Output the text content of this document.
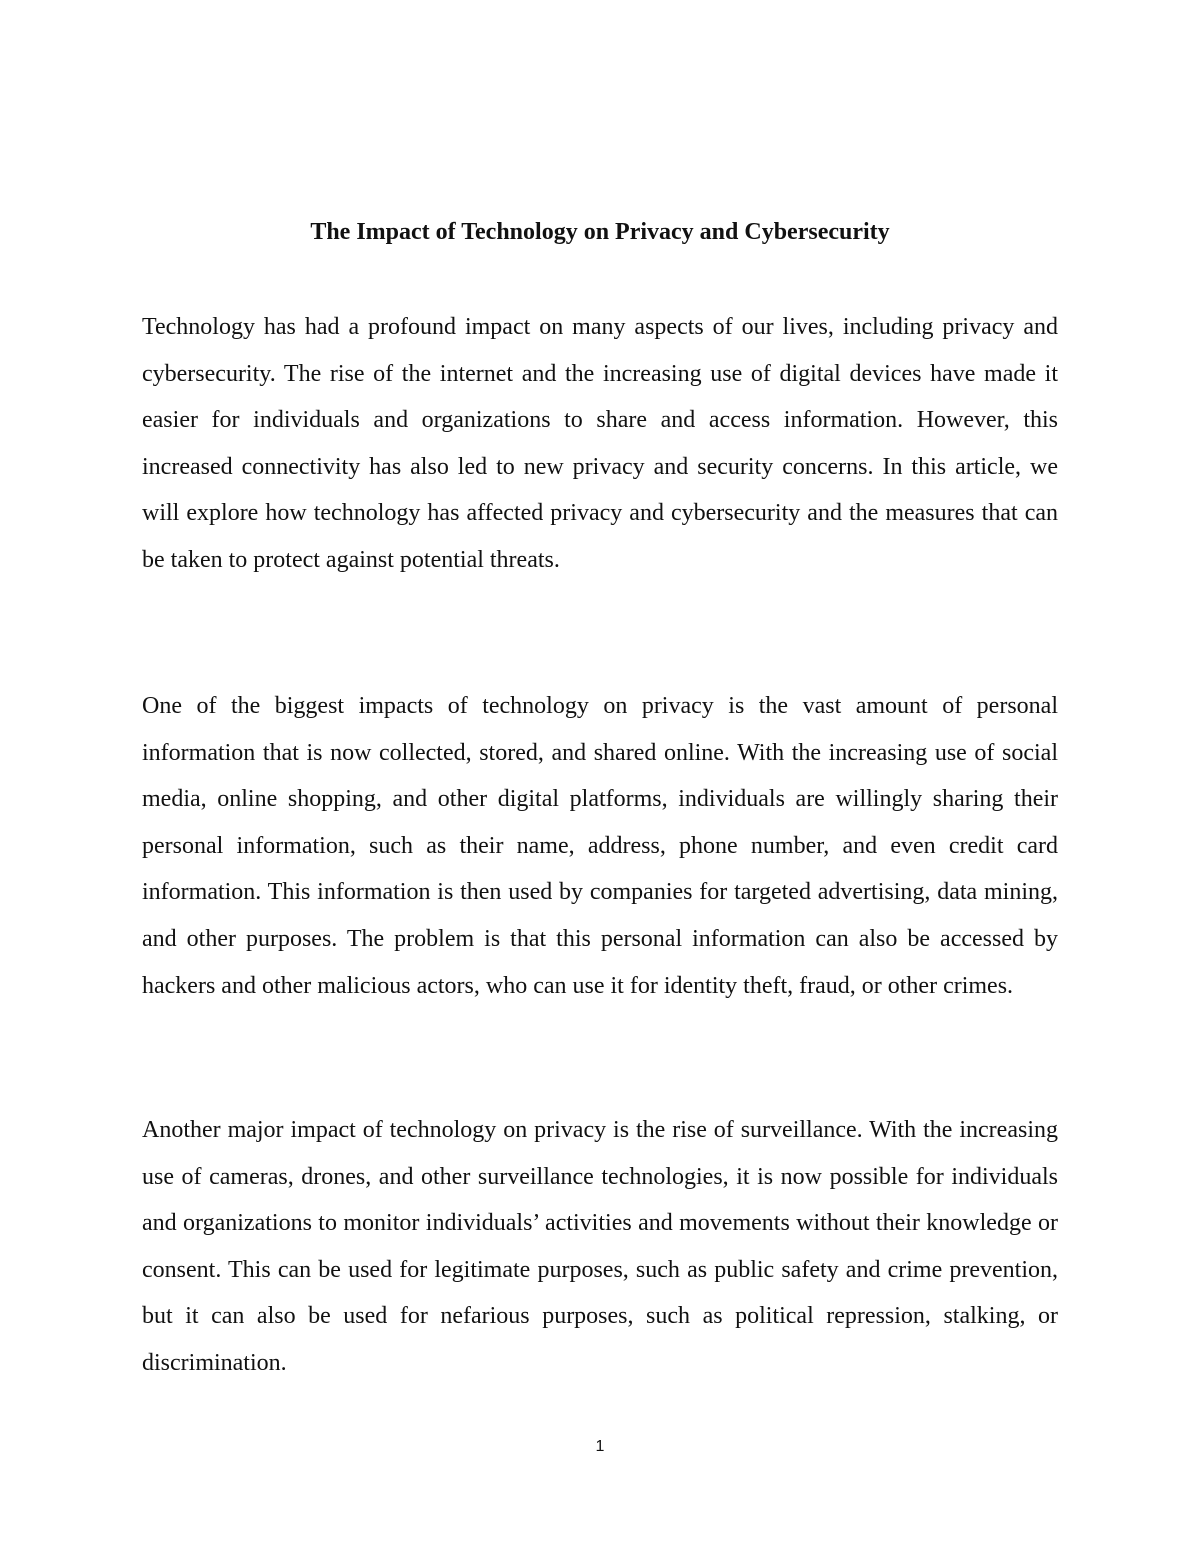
The Impact of Technology on Privacy and Cybersecurity

Technology has had a profound impact on many aspects of our lives, including privacy and cybersecurity. The rise of the internet and the increasing use of digital devices have made it easier for individuals and organizations to share and access information. However, this increased connectivity has also led to new privacy and security concerns. In this article, we will explore how technology has affected privacy and cybersecurity and the measures that can be taken to protect against potential threats.

One of the biggest impacts of technology on privacy is the vast amount of personal information that is now collected, stored, and shared online. With the increasing use of social media, online shopping, and other digital platforms, individuals are willingly sharing their personal information, such as their name, address, phone number, and even credit card information. This information is then used by companies for targeted advertising, data mining, and other purposes. The problem is that this personal information can also be accessed by hackers and other malicious actors, who can use it for identity theft, fraud, or other crimes.

Another major impact of technology on privacy is the rise of surveillance. With the increasing use of cameras, drones, and other surveillance technologies, it is now possible for individuals and organizations to monitor individuals’ activities and movements without their knowledge or consent. This can be used for legitimate purposes, such as public safety and crime prevention, but it can also be used for nefarious purposes, such as political repression, stalking, or discrimination.

1
